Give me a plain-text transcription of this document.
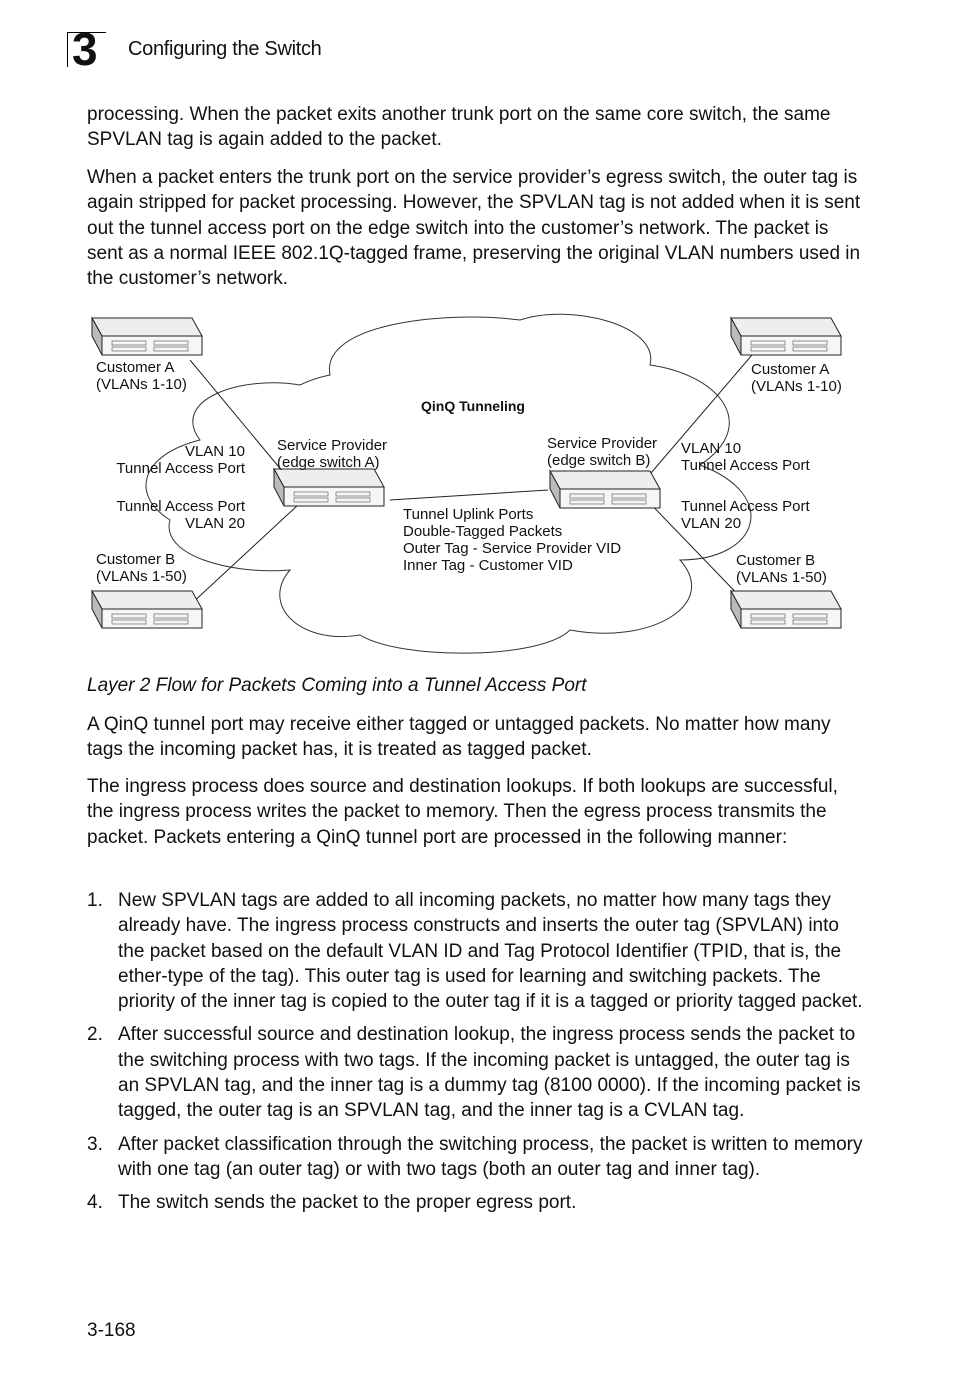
3 Configuring the Switch

processing. When the packet exits another trunk port on the same core switch, the same SPVLAN tag is again added to the packet.

When a packet enters the trunk port on the service provider’s egress switch, the outer tag is again stripped for packet processing. However, the SPVLAN tag is not added when it is sent out the tunnel access port on the edge switch into the customer’s network. The packet is sent as a normal IEEE 802.1Q-tagged frame, preserving the original VLAN numbers used in the customer’s network.

QinQ Tunneling
Customer A
(VLANs 1-10)
Customer A
(VLANs 1-10)
Customer B
(VLANs 1-50)
Customer B
(VLANs 1-50)
Service Provider
(edge switch A)
Service Provider
(edge switch B)
VLAN 10
Tunnel Access Port
Tunnel Access Port
VLAN 20
VLAN 10
Tunnel Access Port
Tunnel Access Port
VLAN 20
Tunnel Uplink Ports
Double-Tagged Packets
Outer Tag - Service Provider VID
Inner Tag - Customer VID
Layer 2 Flow for Packets Coming into a Tunnel Access Port

A QinQ tunnel port may receive either tagged or untagged packets. No matter how many tags the incoming packet has, it is treated as tagged packet.

The ingress process does source and destination lookups. If both lookups are successful, the ingress process writes the packet to memory. Then the egress process transmits the packet. Packets entering a QinQ tunnel port are processed in the following manner:

1. New SPVLAN tags are added to all incoming packets, no matter how many tags they already have. The ingress process constructs and inserts the outer tag (SPVLAN) into the packet based on the default VLAN ID and Tag Protocol Identifier (TPID, that is, the ether-type of the tag). This outer tag is used for learning and switching packets. The priority of the inner tag is copied to the outer tag if it is a tagged or priority tagged packet.
2. After successful source and destination lookup, the ingress process sends the packet to the switching process with two tags. If the incoming packet is untagged, the outer tag is an SPVLAN tag, and the inner tag is a dummy tag (8100 0000). If the incoming packet is tagged, the outer tag is an SPVLAN tag, and the inner tag is a CVLAN tag.
3. After packet classification through the switching process, the packet is written to memory with one tag (an outer tag) or with two tags (both an outer tag and inner tag).
4. The switch sends the packet to the proper egress port.
3-168
